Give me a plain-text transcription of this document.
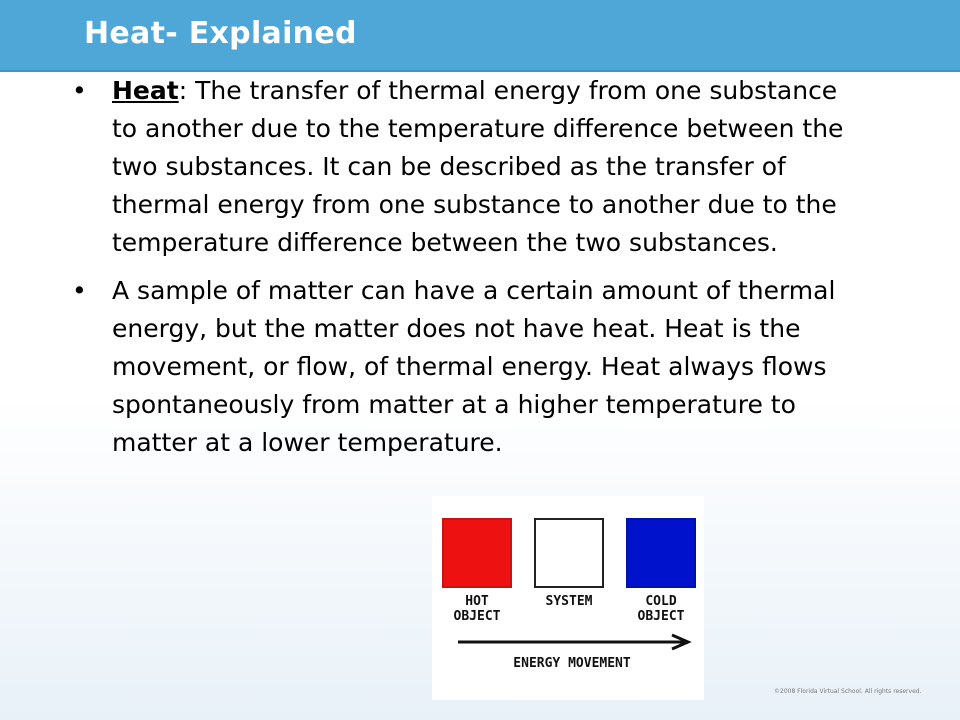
Heat- Explained
• Heat: The transfer of thermal energy from one substance to another due to the temperature difference between the two substances. It can be described as the transfer of thermal energy from one substance to another due to the temperature difference between the two substances.
• A sample of matter can have a certain amount of thermal energy, but the matter does not have heat. Heat is the movement, or flow, of thermal energy. Heat always flows spontaneously from matter at a higher temperature to matter at a lower temperature.
HOT
OBJECT
SYSTEM	COLD
OBJECT
ENERGY MOVEMENT
©2008 Florida Virtual School. All rights reserved.
